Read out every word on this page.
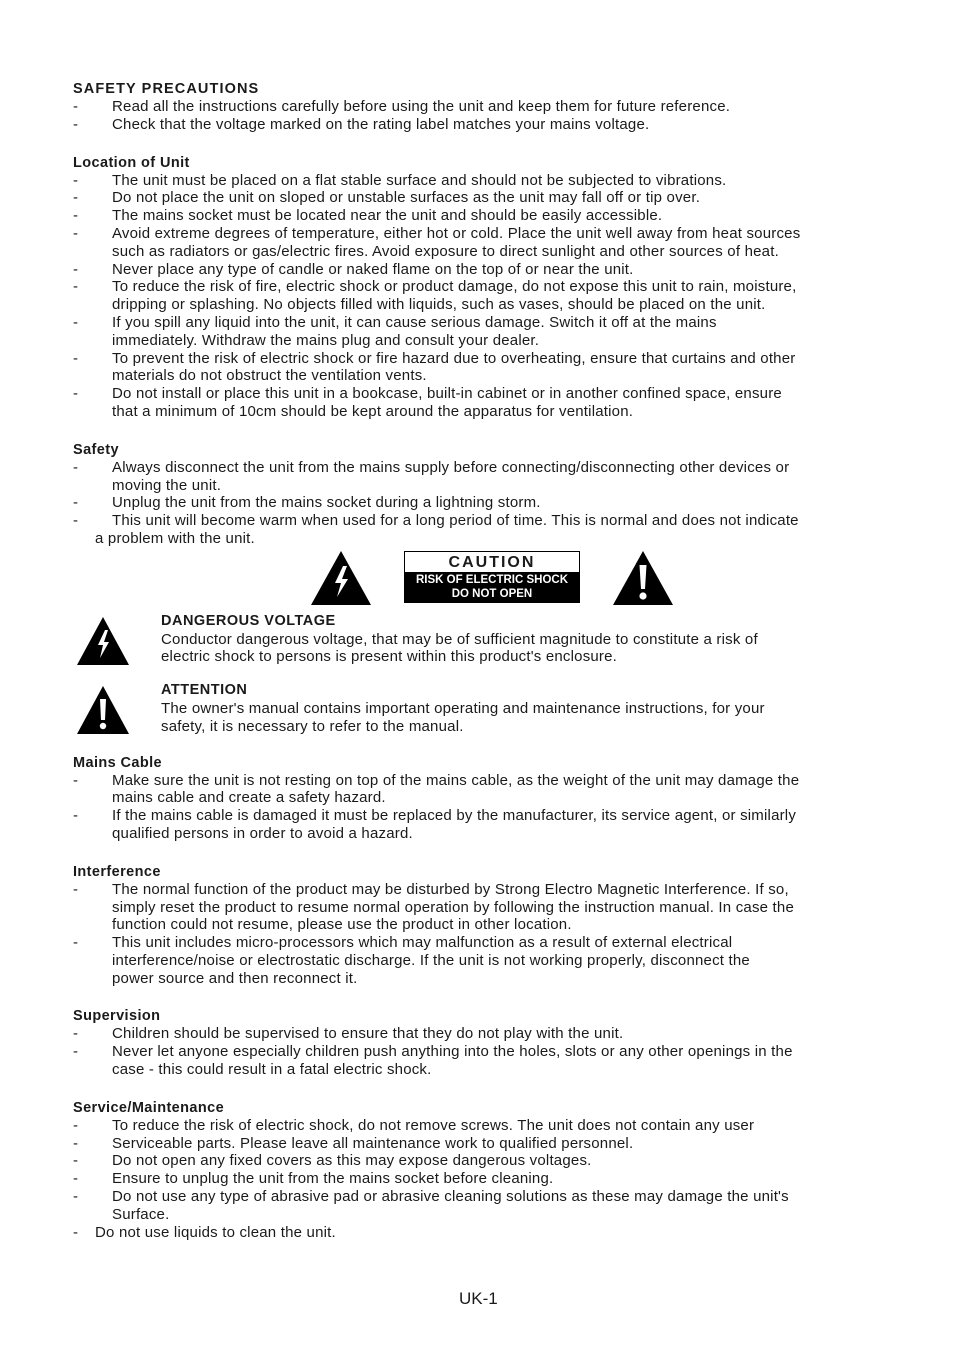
SAFETY PRECAUTIONS
- Read all the instructions carefully before using the unit and keep them for future reference.
- Check that the voltage marked on the rating label matches your mains voltage.
Location of Unit
- The unit must be placed on a flat stable surface and should not be subjected to vibrations.
- Do not place the unit on sloped or unstable surfaces as the unit may fall off or tip over.
- The mains socket must be located near the unit and should be easily accessible.
- Avoid extreme degrees of temperature, either hot or cold. Place the unit well away from heat sources
such as radiators or gas/electric fires. Avoid exposure to direct sunlight and other sources of heat.
- Never place any type of candle or naked flame on the top of or near the unit.
- To reduce the risk of fire, electric shock or product damage, do not expose this unit to rain, moisture,
dripping or splashing. No objects filled with liquids, such as vases, should be placed on the unit.
- If you spill any liquid into the unit, it can cause serious damage. Switch it off at the mains
immediately. Withdraw the mains plug and consult your dealer.
- To prevent the risk of electric shock or fire hazard due to overheating, ensure that curtains and other
materials do not obstruct the ventilation vents.
- Do not install or place this unit in a bookcase, built-in cabinet or in another confined space, ensure
that a minimum of 10cm should be kept around the apparatus for ventilation.
Safety
- Always disconnect the unit from the mains supply before connecting/disconnecting other devices or
moving the unit.
- Unplug the unit from the mains socket during a lightning storm.
- This unit will become warm when used for a long period of time. This is normal and does not indicate
a problem with the unit.
CAUTION
RISK OF ELECTRIC SHOCK
DO NOT OPEN
DANGEROUS VOLTAGE

Conductor dangerous voltage, that may be of sufficient magnitude to constitute a risk of

electric shock to persons is present within this product's enclosure.

ATTENTION

The owner's manual contains important operating and maintenance instructions, for your

safety, it is necessary to refer to the manual.

Mains Cable
- Make sure the unit is not resting on top of the mains cable, as the weight of the unit may damage the
mains cable and create a safety hazard.
- If the mains cable is damaged it must be replaced by the manufacturer, its service agent, or similarly
qualified persons in order to avoid a hazard.
Interference
- The normal function of the product may be disturbed by Strong Electro Magnetic Interference. If so,
simply reset the product to resume normal operation by following the instruction manual. In case the
function could not resume, please use the product in other location.
- This unit includes micro-processors which may malfunction as a result of external electrical
interference/noise or electrostatic discharge. If the unit is not working properly, disconnect the
power source and then reconnect it.
Supervision
- Children should be supervised to ensure that they do not play with the unit.
- Never let anyone especially children push anything into the holes, slots or any other openings in the
case - this could result in a fatal electric shock.
Service/Maintenance
- To reduce the risk of electric shock, do not remove screws. The unit does not contain any user
- Serviceable parts. Please leave all maintenance work to qualified personnel.
- Do not open any fixed covers as this may expose dangerous voltages.
- Ensure to unplug the unit from the mains socket before cleaning.
- Do not use any type of abrasive pad or abrasive cleaning solutions as these may damage the unit's
Surface.
- Do not use liquids to clean the unit.
UK-1
